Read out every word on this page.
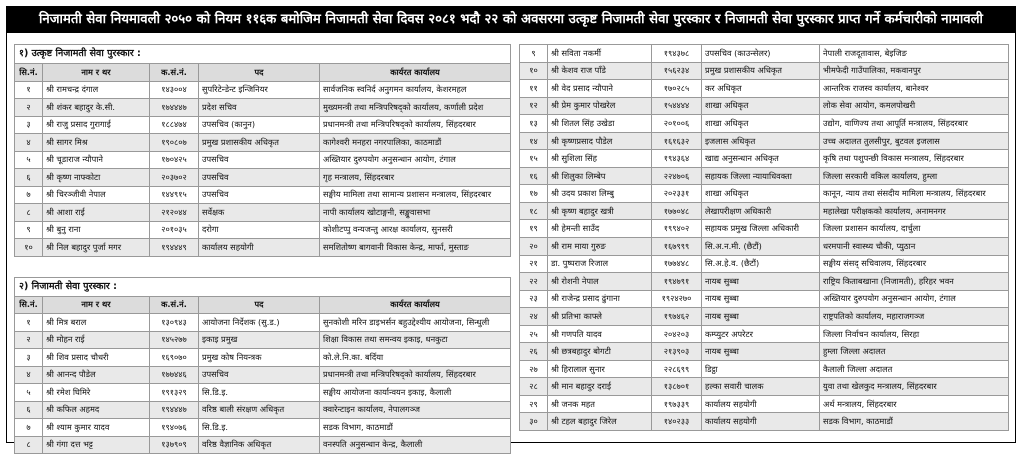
निजामती सेवा नियमावली २०५० को नियम ११६क बमोजिम निजामती सेवा दिवस २०८१ भदौ २२ को अवसरमा उत्कृष्ट निजामती सेवा पुरस्कार र निजामती सेवा पुरस्कार प्राप्त गर्ने कर्मचारीको नामावली
१) उत्कृष्ट निजामती सेवा पुरस्कार :
सि.नं.	नाम र थर	क.सं.नं.	पद	कार्यरत कार्यालय
१	श्री रामचन्द्र दंगाल	१४३००४	सुपरिटेन्डेन्ट इन्जिनियर	सार्वजनिक स्वनिर्द अनुगमन कार्यालय, केशरमहल
२	श्री शंकर बहादुर के.सी.	१७४४४७	प्रदेश सचिव	मुख्यमन्त्री तथा मन्त्रिपरिषद्को कार्यालय, कर्णाली प्रदेश
३	श्री राजु प्रसाद गुरागाई	१८८४७४	उपसचिव (कानुन)	प्रधानमन्त्री तथा मन्त्रिपरिषद्को कार्यालय, सिंहदरबार
४	श्री सागर मिश्र	१९०८०७	प्रमुख प्रशासकीय अधिकृत	कागेश्वरी मनहरा नगरपालिका, काठमाडौं
५	श्री चूडाराज न्यौपाने	१७०४२५	उपसचिव	अख्तियार दुरुपयोग अनुसन्धान आयोग, टंगाल
६	श्री कृष्ण नाफ्कोटा	२०३७०२	उपसचिव	गृह मन्त्रालय, सिंहदरबार
७	श्री चिरञ्जीवी नेपाल	१४४९१५	उपसचिव	सङ्घीय मामिला तथा सामान्य प्रशासन मन्त्रालय, सिंहदरबार
८	श्री आशा राई	२१२०४४	सर्वेक्षक	नापी कार्यालय खोटाङ्गनी, सङ्खुवासभा
९	श्री बुनु राना	२०१०३५	दरोगा	कोशीटप्पु वन्यजन्तु आरक्ष कार्यालय, सुनसरी
१०	श्री निल बहादुर पुर्जा मगर	१९४४४९	कार्यालय सहयोगी	समशितोष्ण बागवानी विकास केन्द्र, मार्फा, मुस्ताङ
२) निजामती सेवा पुरस्कार :
सि.नं.	नाम र थर	क.सं.नं.	पद	कार्यरत कार्यालय
१	श्री मित्र बराल	१३०९४३	आयोजना निर्देशक (सु.ड.)	सुनकोशी मरिन डाइभर्सन बहुउद्देश्यीय आयोजना, सिन्धुली
२	श्री मोहन राई	१४५२७७	इकाइ प्रमुख	शिक्षा विकास तथा समन्वय इकाइ, धनकुटा
३	श्री शिव प्रसाद चौधरी	१६९०७०	प्रमुख कोष नियन्त्रक	को.ले.नि.का. बर्दिया
४	श्री आनन्द पौडेल	१७७४४६	उपसचिव	प्रधानमन्त्री तथा मन्त्रिपरिषद्को कार्यालय, सिंहदरबार
५	श्री रमेश घिमिरे	१९१३२९	सि.डि.इ.	सङ्घीय आयोजना कार्यान्वयन इकाइ, कैलाली
६	श्री कफिल अहमद	१९४४४७	वरिष्ठ बाली संरक्षण अधिकृत	क्वारेन्टाइन कार्यालय, नेपालगञ्ज
७	श्री श्याम कुमार यादव	१९४०७६	सि.डि.इ.	सडक विभाग, काठमाडौं
८	श्री गंगा दत्त भट्ट	१३७९०९	वरिष्ठ वैज्ञानिक अधिकृत	वनस्पति अनुसन्धान केन्द्र, कैलाली
९	श्री सविता नकर्मी	१९४३७८	उपसचिव (काउन्सेलर)	नेपाली राजदूतावास, बेइजिङ
१०	श्री केशव राज पाँडे	१५६२३४	प्रमुख प्रशासकीय अधिकृत	भीमफेदी गाउँपालिका, मकवानपुर
११	श्री वेद प्रसाद न्यौपाने	१७०२८५	कर अधिकृत	आन्तरिक राजस्व कार्यालय, बानेश्वर
१२	श्री प्रेम कुमार पोखरेल	१५४४४४	शाखा अधिकृत	लोक सेवा आयोग, कमलपोखरी
१३	श्री शितल सिंह उखेडा	२०१००६	शाखा अधिकृत	उद्योग, वाणिज्य तथा आपूर्ति मन्त्रालय, सिंहदरबार
१४	श्री कृष्णप्रसाद पौडेल	१६१६३२	इजलास अधिकृत	उच्च अदालत तुलसीपुर, बुटवल इजलास
१५	श्री सुशिला सिंह	१९४३६४	खाद्य अनुसन्धान अधिकृत	कृषि तथा पशुपन्छी विकास मन्त्रालय, सिंहदरबार
१६	श्री शिलुका लिम्बेप	२२४७०६	सहायक जिल्ला न्यायाधिवक्ता	जिल्ला सरकारी वकिल कार्यालय, हुम्ला
१७	श्री उदय प्रकाश लिम्बु	२०२३३१	शाखा अधिकृत	कानून, न्याय तथा संसदीय मामिला मन्त्रालय, सिंहदरबार
१८	श्री कृष्ण बहादुर खत्री	१७७०४८	लेखापरीक्षण अधिकारी	महालेखा परीक्षकको कार्यालय, अनामनगर
१९	श्री हेमन्ती साउँद	१९९४०२	सहायक प्रमुख जिल्ला अधिकारी	जिल्ला प्रशासन कार्यालय, दार्चुला
२०	श्री राम माया गुरुङ	१६७९९९	सि.अ.न.मी. (छैटौं)	धरमपानी स्वास्थ्य चौकी, प्युठान
२१	डा. पुष्पराज रिजाल	१७७४४८	सि.अ.हे.व. (छैटौं)	सङ्घीय संसद् सचिवालय, सिंहदरबार
२२	श्री रोशनी नेपाल	१९४७९१	नायब सुब्बा	राष्ट्रिय किताबखाना (निजामती), हरिहर भवन
२३	श्री राजेन्द्र प्रसाद ढुंगाना	१९२४२७०	नायब सुब्बा	अख्तियार दुरुपयोग अनुसन्धान आयोग, टंगाल
२४	श्री प्रतिभा काफ्ले	१९७४६२	नायब सुब्बा	राष्ट्रपतिको कार्यालय, महाराजगञ्ज
२५	श्री गणपति यादव	२०४२०३	कम्प्युटर अपरेटर	जिल्ला निर्वाचन कार्यालय, सिरहा
२६	श्री छत्रबहादुर बोगटी	२१३९०३	नायब सुब्बा	हुम्ला जिल्ला अदालत
२७	श्री हिरालाल सुनार	२२८६९९	डिट्ठा	कैलाली जिल्ला अदालत
२८	श्री मान बहादुर दराई	१३८७०१	हल्का सवारी चालक	युवा तथा खेलकुद मन्त्रालय, सिंहदरबार
२९	श्री जनक महत	१९७३३९	कार्यालय सहयोगी	अर्थ मन्त्रालय, सिंहदरबार
३०	श्री टहल बहादुर जिरेल	१४०२३३	कार्यालय सहयोगी	सडक विभाग, काठमाडौं
